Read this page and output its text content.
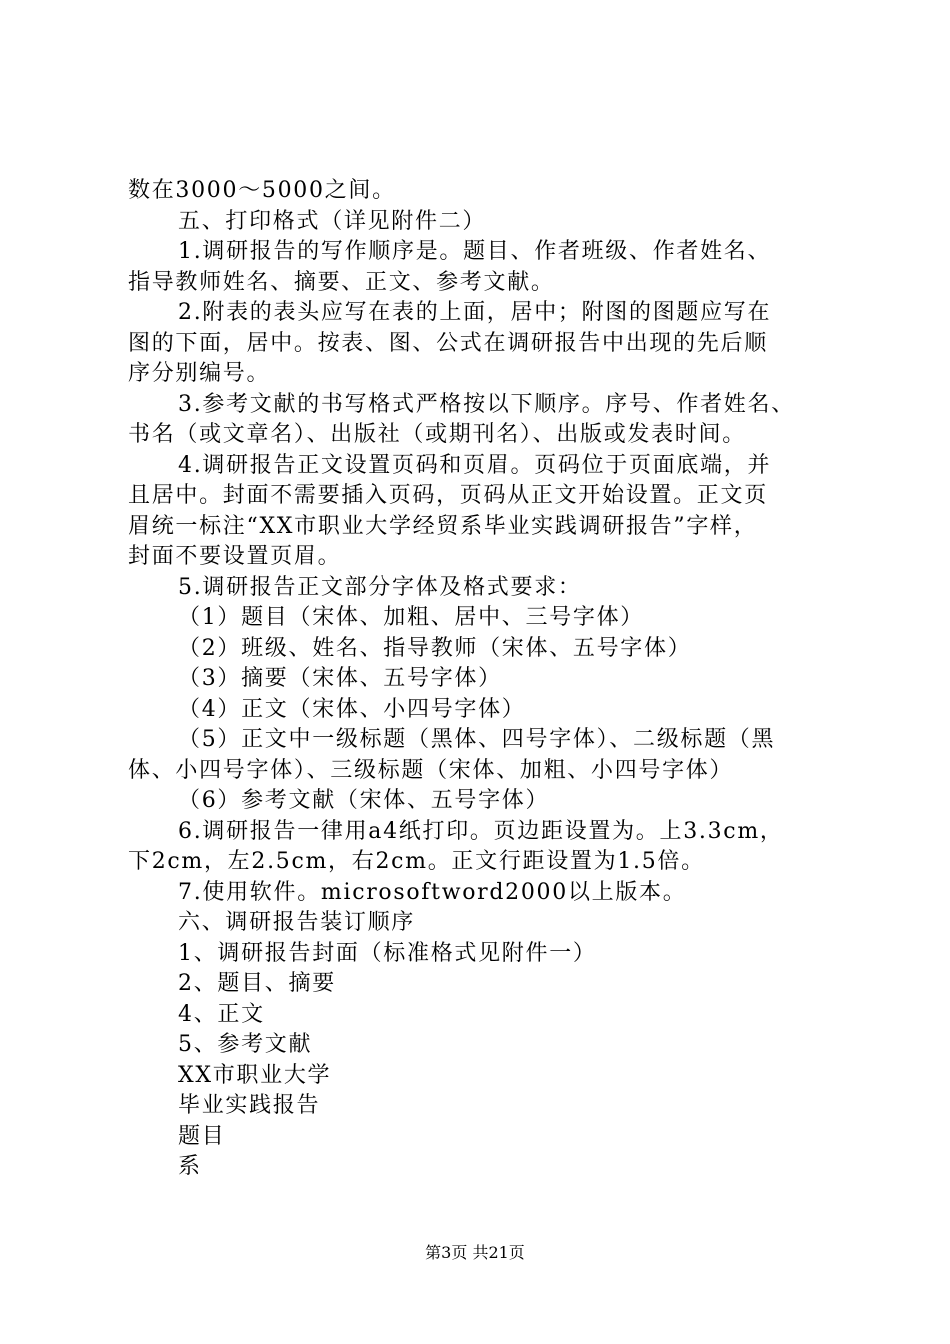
数在3000～5000之间。
五、打印格式（详见附件二）
1.调研报告的写作顺序是。题目、作者班级、作者姓名、
指导教师姓名、摘要、正文、参考文献。
2.附表的表头应写在表的上面，居中；附图的图题应写在
图的下面，居中。按表、图、公式在调研报告中出现的先后顺
序分别编号。
3.参考文献的书写格式严格按以下顺序。序号、作者姓名、
书名（或文章名）、出版社（或期刊名）、出版或发表时间。
4.调研报告正文设置页码和页眉。页码位于页面底端，并
且居中。封面不需要插入页码，页码从正文开始设置。正文页
眉统一标注“XX市职业大学经贸系毕业实践调研报告”字样，
封面不要设置页眉。
5.调研报告正文部分字体及格式要求：
（1）题目（宋体、加粗、居中、三号字体）
（2）班级、姓名、指导教师（宋体、五号字体）
（3）摘要（宋体、五号字体）
（4）正文（宋体、小四号字体）
（5）正文中一级标题（黑体、四号字体）、二级标题（黑
体、小四号字体）、三级标题（宋体、加粗、小四号字体）
（6）参考文献（宋体、五号字体）
6.调研报告一律用a4纸打印。页边距设置为。上3.3cm，
下2cm，左2.5cm，右2cm。正文行距设置为1.5倍。
7.使用软件。microsoftword2000以上版本。
六、调研报告装订顺序
1、调研报告封面（标准格式见附件一）
2、题目、摘要
4、正文
5、参考文献
XX市职业大学
毕业实践报告
题目
系
第3页 共21页
